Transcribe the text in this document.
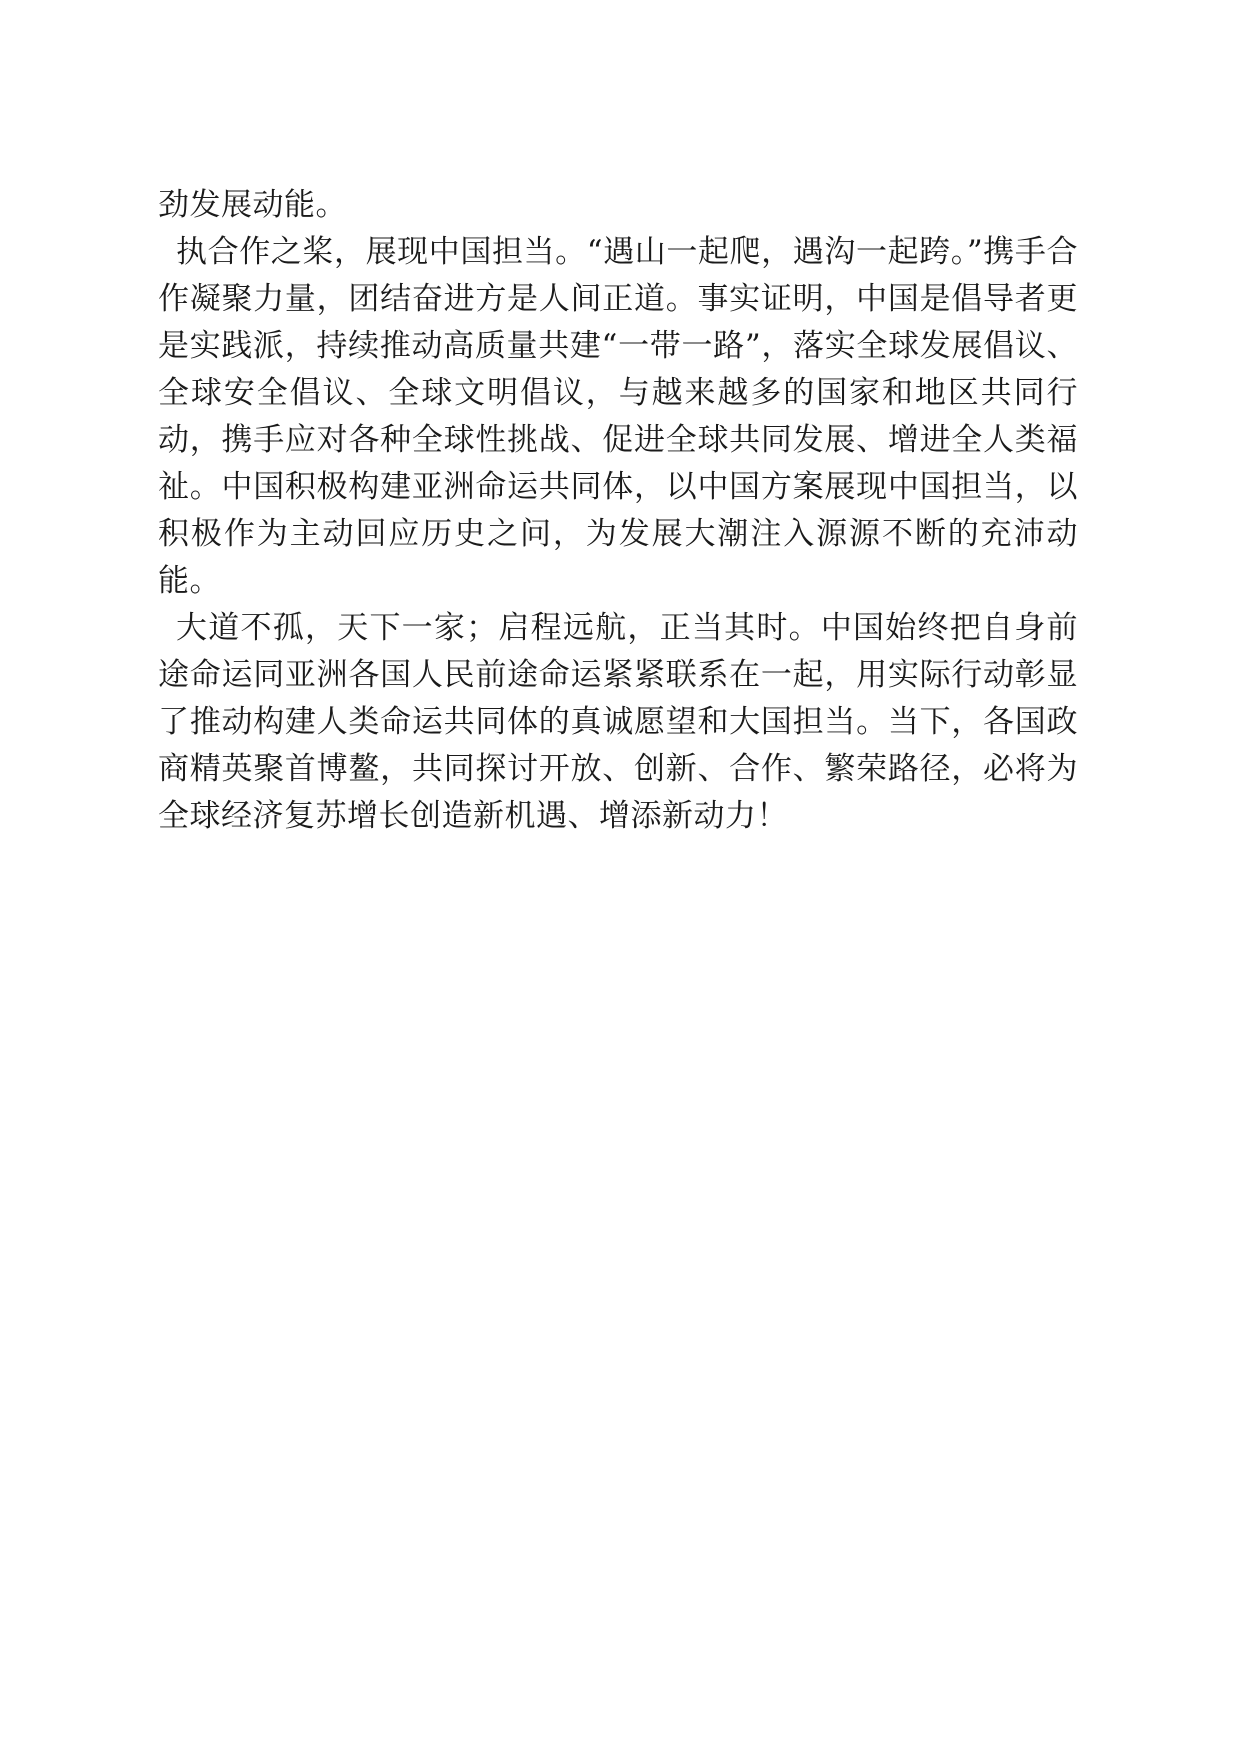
劲发展动能。

执合作之桨，展现中国担当。“遇山一起爬，遇沟一起跨。”携手合作凝聚力量，团结奋进方是人间正道。事实证明，中国是倡导者更是实践派，持续推动高质量共建“一带一路”，落实全球发展倡议、全球安全倡议、全球文明倡议，与越来越多的国家和地区共同行动，携手应对各种全球性挑战、促进全球共同发展、增进全人类福祉。中国积极构建亚洲命运共同体，以中国方案展现中国担当，以积极作为主动回应历史之问，为发展大潮注入源源不断的充沛动能。

大道不孤，天下一家；启程远航，正当其时。中国始终把自身前途命运同亚洲各国人民前途命运紧紧联系在一起，用实际行动彰显了推动构建人类命运共同体的真诚愿望和大国担当。当下，各国政商精英聚首博鳌，共同探讨开放、创新、合作、繁荣路径，必将为全球经济复苏增长创造新机遇、增添新动力！
